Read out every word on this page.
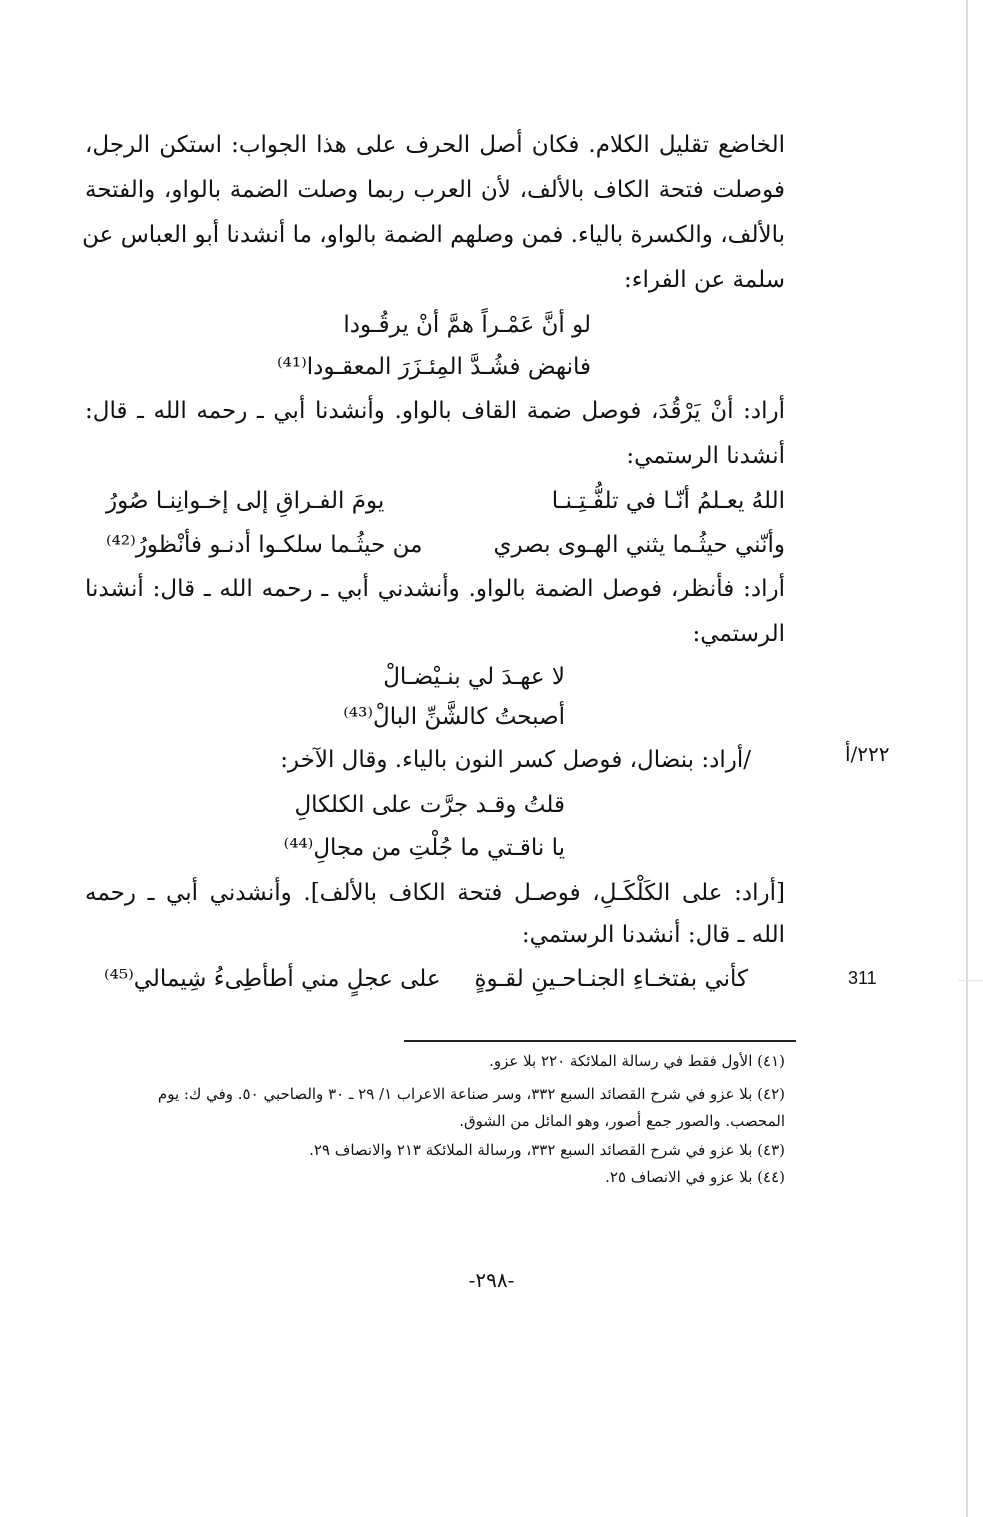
الخاضع تقليل الكلام. فكان أصل الحرف على هذا الجواب: استكن الرجل،
فوصلت فتحة الكاف بالألف، لأن العرب ربما وصلت الضمة بالواو، والفتحة
بالألف، والكسرة بالياء. فمن وصلهم الضمة بالواو، ما أنشدنا أبو العباس عن
سلمة عن الفراء:
لو أنَّ عَمْـراً همَّ أنْ يرقُـودا
فانهض فشُـدَّ المِئـزَرَ المعقـودا⁽⁴¹⁾
أراد: أنْ يَرْقُدَ، فوصل ضمة القاف بالواو. وأنشدنا أبي ـ رحمه الله ـ قال:
أنشدنا الرستمي:
اللهُ يعـلمُ أنّـا في تلفُّـتِـنـا
يومَ الفـراقِ إلى إخـوانِنـا صُورُ
وأنّني حيثُـما يثني الهـوى بصري
من حيثُـما سلكـوا أدنـو فأنْظورُ⁽⁴²⁾
أراد: فأنظر، فوصل الضمة بالواو. وأنشدني أبي ـ رحمه الله ـ قال: أنشدنا
الرستمي:
لا عهـدَ لي بنـيْضـالْ
أصبحتُ كالشَّنِّ البالْ⁽⁴³⁾
٢٢٢/أ
/أراد: بنضال، فوصل كسر النون بالياء. وقال الآخر:
قلتُ وقـد جرَّت على الكلكالِ
يا ناقـتي ما جُلْتِ من مجالِ⁽⁴⁴⁾
[أراد: على الكَلْكَـلِ، فوصـل فتحة الكاف بالألف]. وأنشدني أبي ـ رحمه
الله ـ قال: أنشدنا الرستمي:
كأني بفتخـاءِ الجنـاحـينِ لقـوةٍ
على عجلٍ مني أطأطِىءُ شِيمالي⁽⁴⁵⁾	311
(٤١) الأول فقط في رسالة الملائكة ٢٢٠ بلا عزو.
(٤٢) بلا عزو في شرح القصائد السبع ٣٣٢، وسر صناعة الاعراب ١/ ٢٩ ـ ٣٠ والصاحبي ٥٠. وفي ك: يوم
المحصب. والصور جمع أصور، وهو المائل من الشوق.
(٤٣) بلا عزو في شرح القصائد السبع ٣٣٢، ورسالة الملائكة ٢١٣ والانصاف ٢٩.
(٤٤) بلا عزو في الانصاف ٢٥.
-٢٩٨-
